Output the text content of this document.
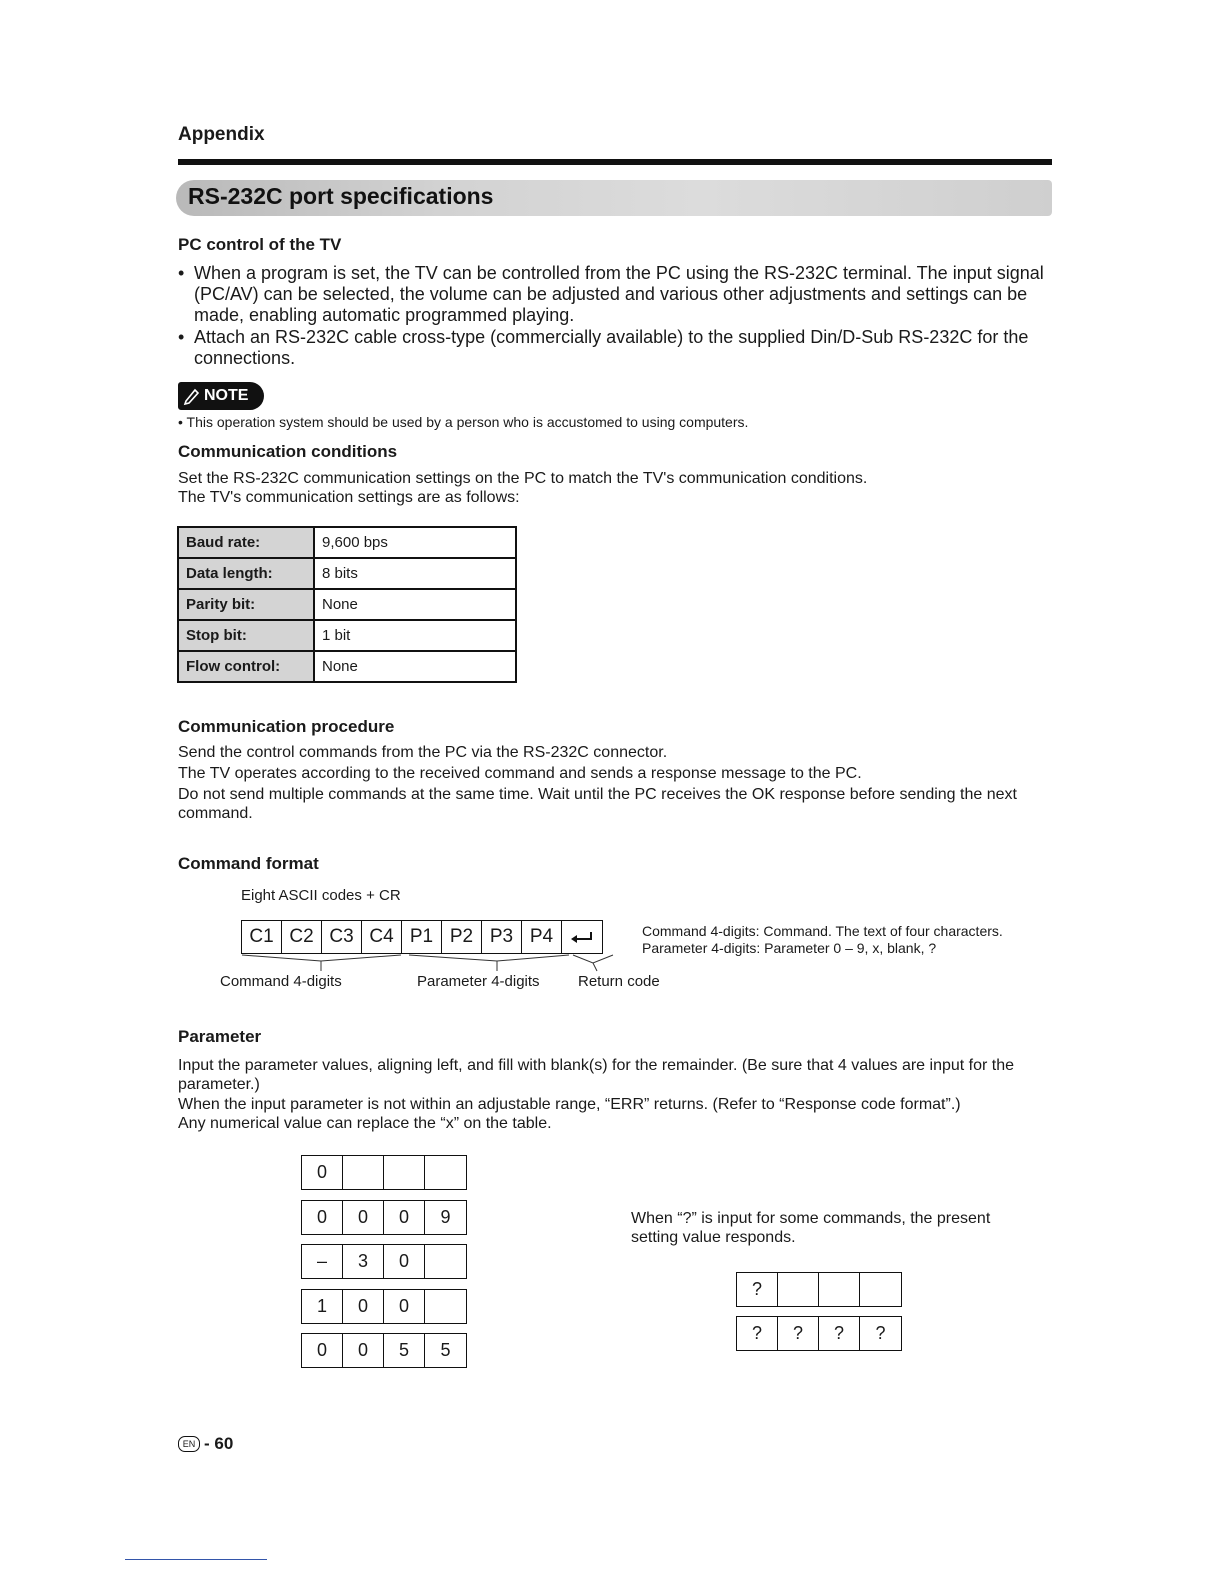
Appendix
RS-232C port specifications
PC control of the TV
• When a program is set, the TV can be controlled from the PC using the RS-232C terminal. The input signal (PC/AV) can be selected, the volume can be adjusted and various other adjustments and settings can be made, enabling automatic programmed playing.
• Attach an RS-232C cable cross-type (commercially available) to the supplied Din/D-Sub RS-232C for the connections.
NOTE
• This operation system should be used by a person who is accustomed to using computers.
Communication conditions

Set the RS-232C communication settings on the PC to match the TV's communication conditions.

The TV's communication settings are as follows:

Baud rate:	9,600 bps
Data length:	8 bits
Parity bit:	None
Stop bit:	1 bit
Flow control:	None
Communication procedure

Send the control commands from the PC via the RS-232C connector.

The TV operates according to the received command and sends a response message to the PC.

Do not send multiple commands at the same time. Wait until the PC receives the OK response before sending the next command.

Command format
Eight ASCII codes + CR
C1 C2 C3 C4 P1 P2 P3 P4
Command 4-digits	Parameter 4-digits	Return code
Command 4-digits: Command. The text of four characters.
Parameter 4-digits: Parameter 0 – 9, x, blank, ?
Parameter

Input the parameter values, aligning left, and fill with blank(s) for the remainder. (Be sure that 4 values are input for the parameter.)

When the input parameter is not within an adjustable range, “ERR” returns. (Refer to “Response code format”.)

Any numerical value can replace the “x” on the table.

0
0	0	0	9
–	3	0
1	0	0
0	0	5	5
When “?” is input for some commands, the present setting value responds.
?
?	?	?	?
EN - 60
